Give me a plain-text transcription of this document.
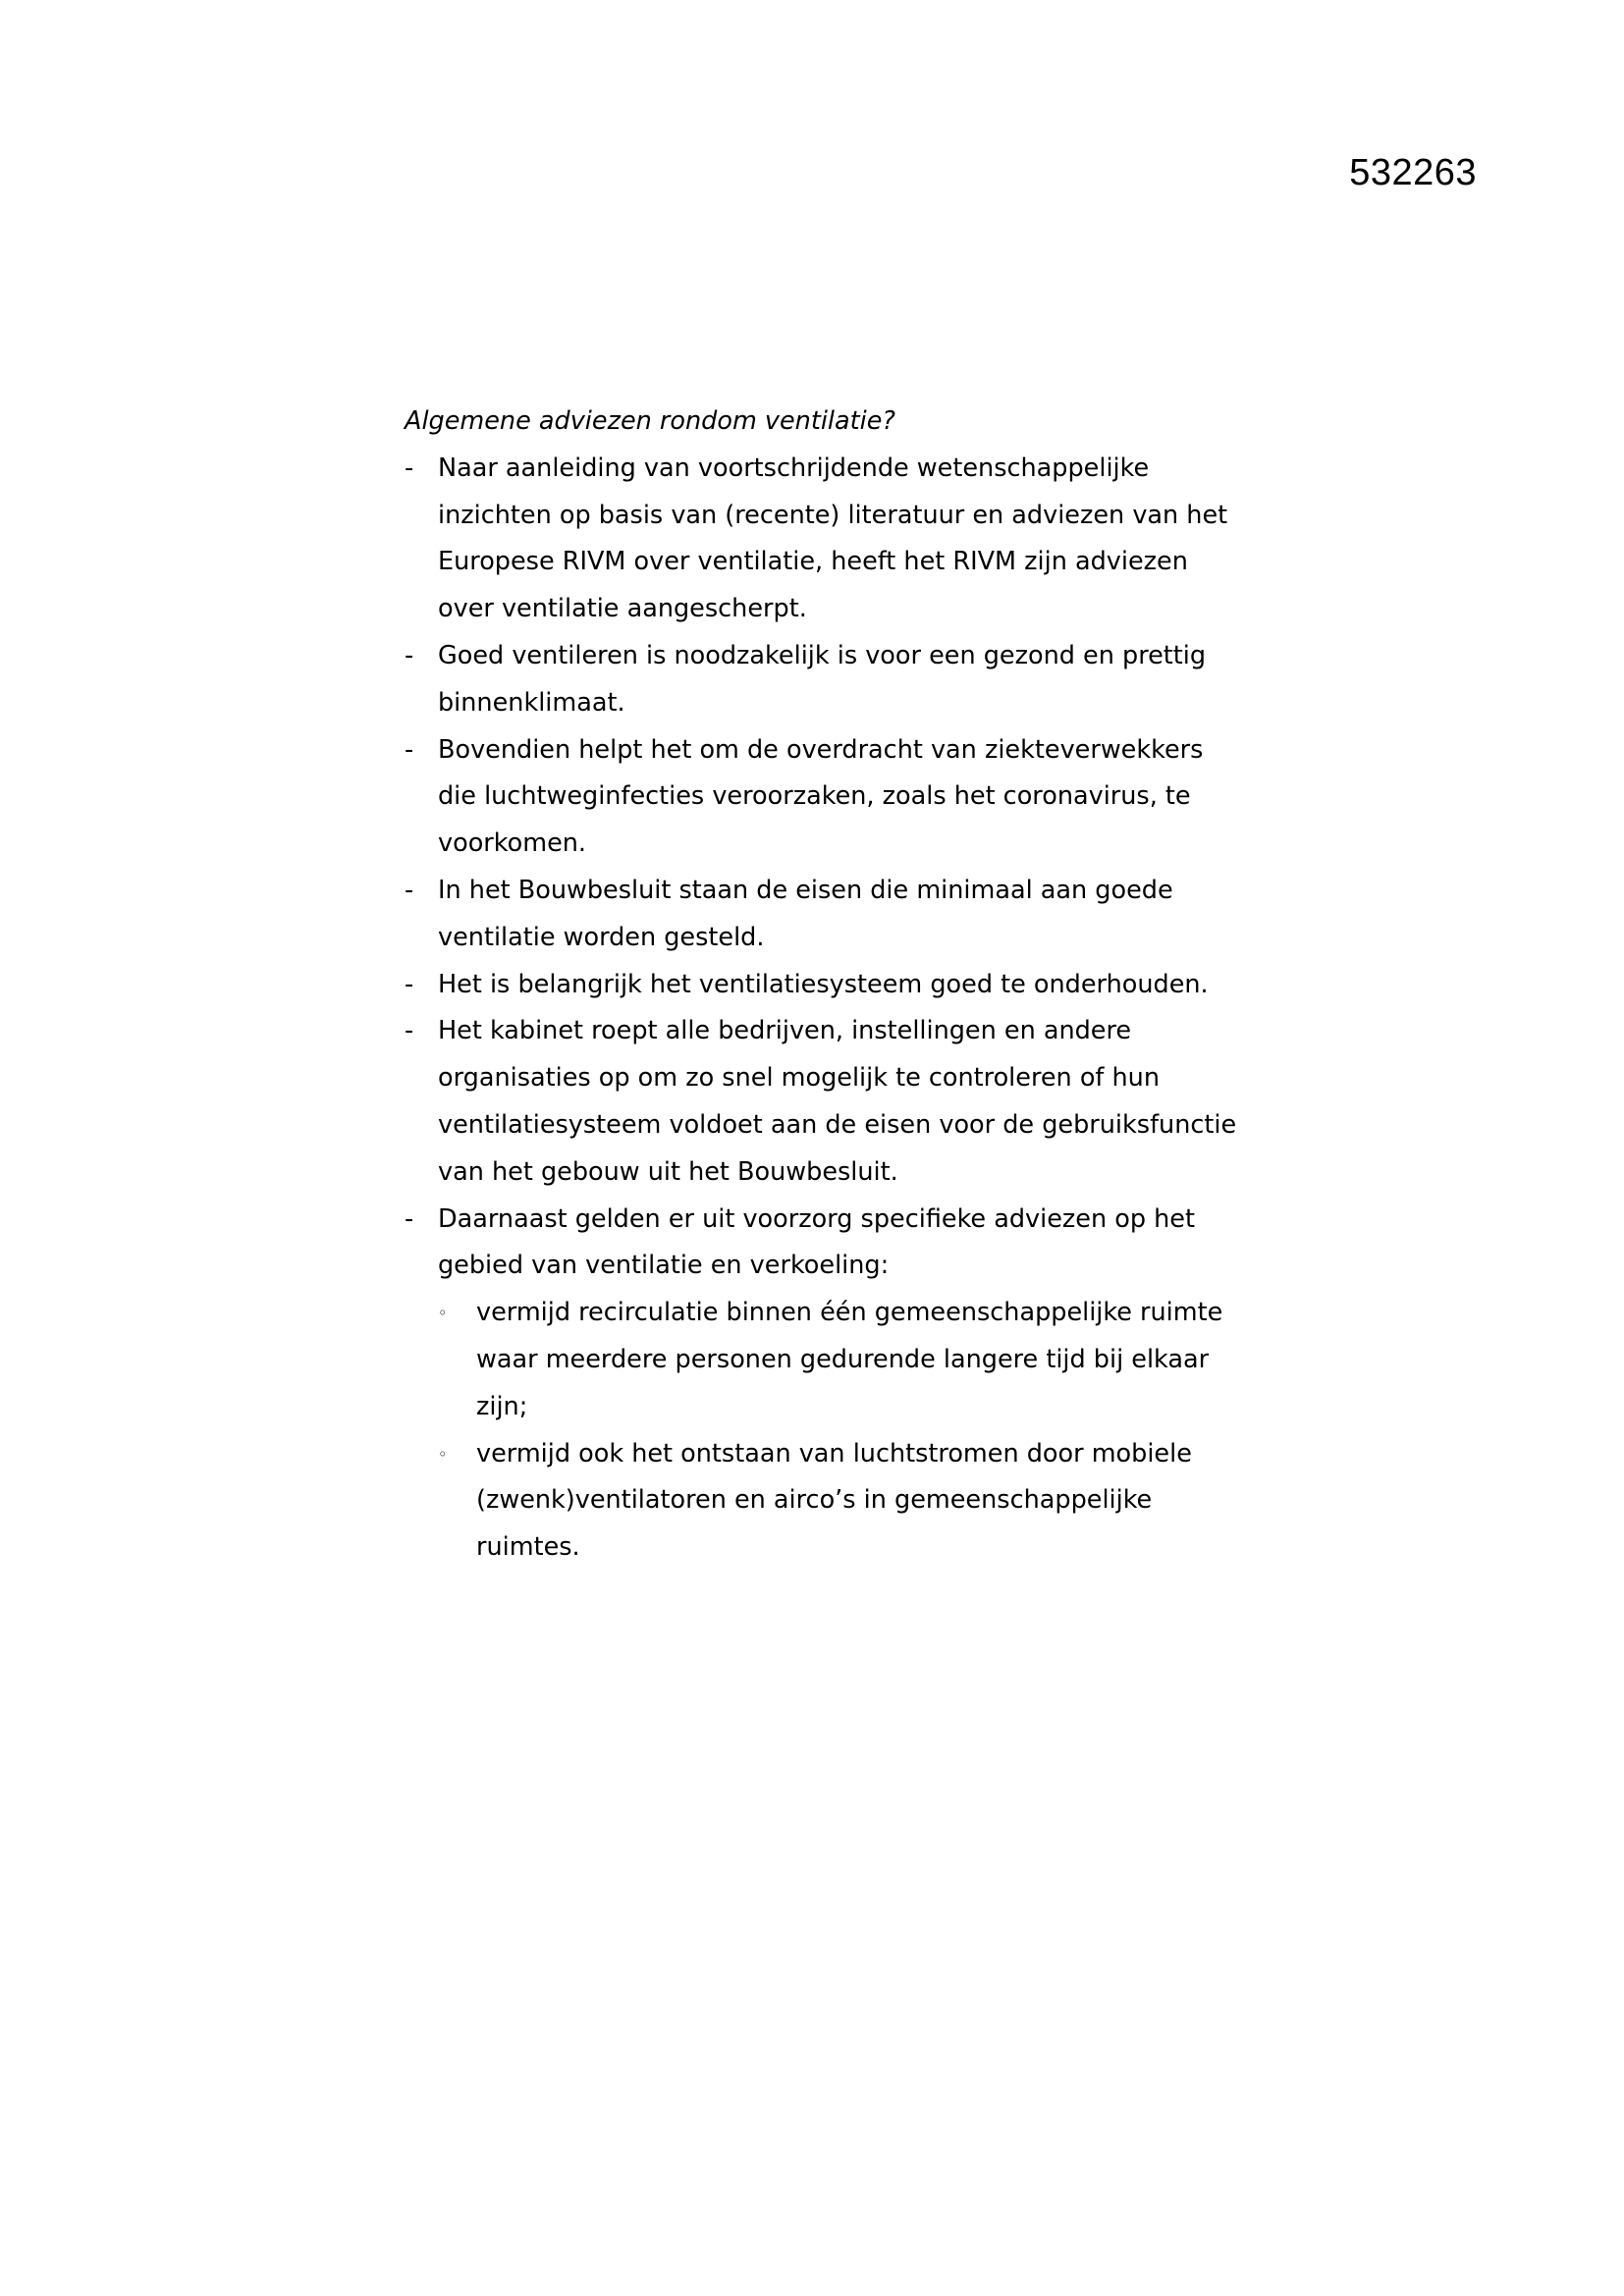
532263

Algemene adviezen rondom ventilatie?

- Naar aanleiding van voortschrijdende wetenschappelijke inzichten op basis van (recente) literatuur en adviezen van het Europese RIVM over ventilatie, heeft het RIVM zijn adviezen over ventilatie aangescherpt.
- Goed ventileren is noodzakelijk is voor een gezond en prettig binnenklimaat.
- Bovendien helpt het om de overdracht van ziekteverwekkers die luchtweginfecties veroorzaken, zoals het coronavirus, te voorkomen.
- In het Bouwbesluit staan de eisen die minimaal aan goede ventilatie worden gesteld.
- Het is belangrijk het ventilatiesysteem goed te onderhouden.
- Het kabinet roept alle bedrijven, instellingen en andere organisaties op om zo snel mogelijk te controleren of hun ventilatiesysteem voldoet aan de eisen voor de gebruiksfunctie van het gebouw uit het Bouwbesluit.
- Daarnaast gelden er uit voorzorg specifieke adviezen op het gebied van ventilatie en verkoeling:
◦	vermijd recirculatie binnen één gemeenschappelijke ruimte waar meerdere personen gedurende langere tijd bij elkaar zijn;
◦	vermijd ook het ontstaan van luchtstromen door mobiele (zwenk)ventilatoren en airco’s in gemeenschappelijke ruimtes.
